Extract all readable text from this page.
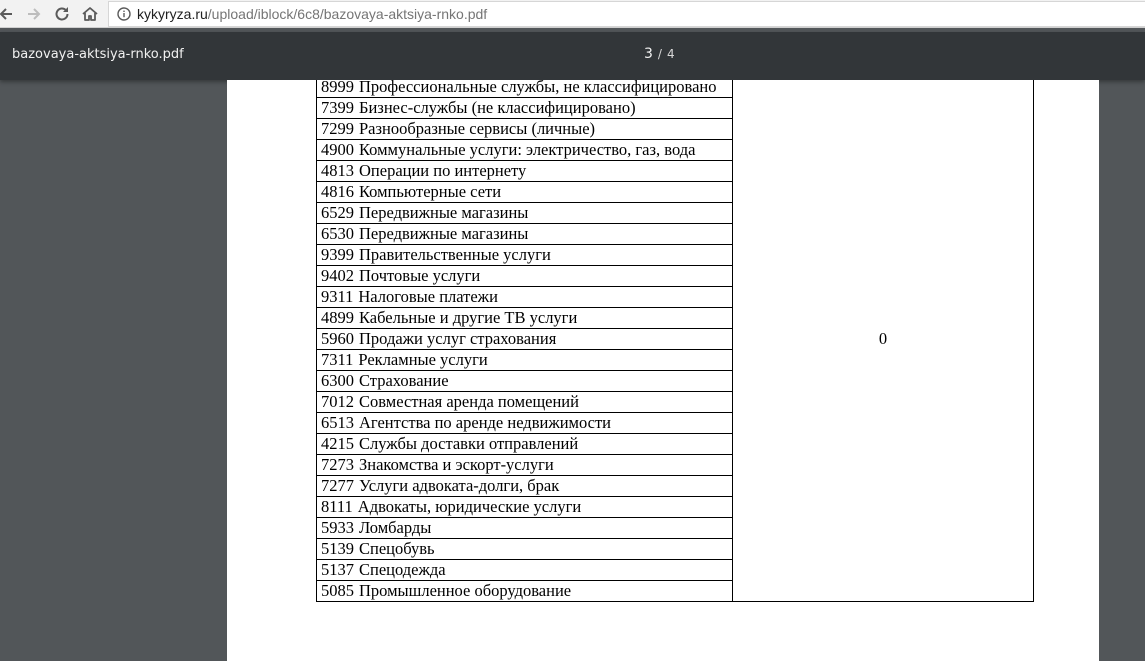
kykyryza.ru/upload/iblock/6c8/bazovaya-aktsiya-rnko.pdf
bazovaya-aktsiya-rnko.pdf	3 / 4
8999 Профессиональные службы, не классифицировано	0
7399 Бизнес-службы (не классифицировано)
7299 Разнообразные сервисы (личные)
4900 Коммунальные услуги: электричество, газ, вода
4813 Операции по интернету
4816 Компьютерные сети
6529 Передвижные магазины
6530 Передвижные магазины
9399 Правительственные услуги
9402 Почтовые услуги
9311 Налоговые платежи
4899 Кабельные и другие ТВ услуги
5960 Продажи услуг страхования
7311 Рекламные услуги
6300 Страхование
7012 Совместная аренда помещений
6513 Агентства по аренде недвижимости
4215 Службы доставки отправлений
7273 Знакомства и эскорт-услуги
7277 Услуги адвоката-долги, брак
8111 Адвокаты, юридические услуги
5933 Ломбарды
5139 Спецобувь
5137 Спецодежда
5085 Промышленное оборудование
